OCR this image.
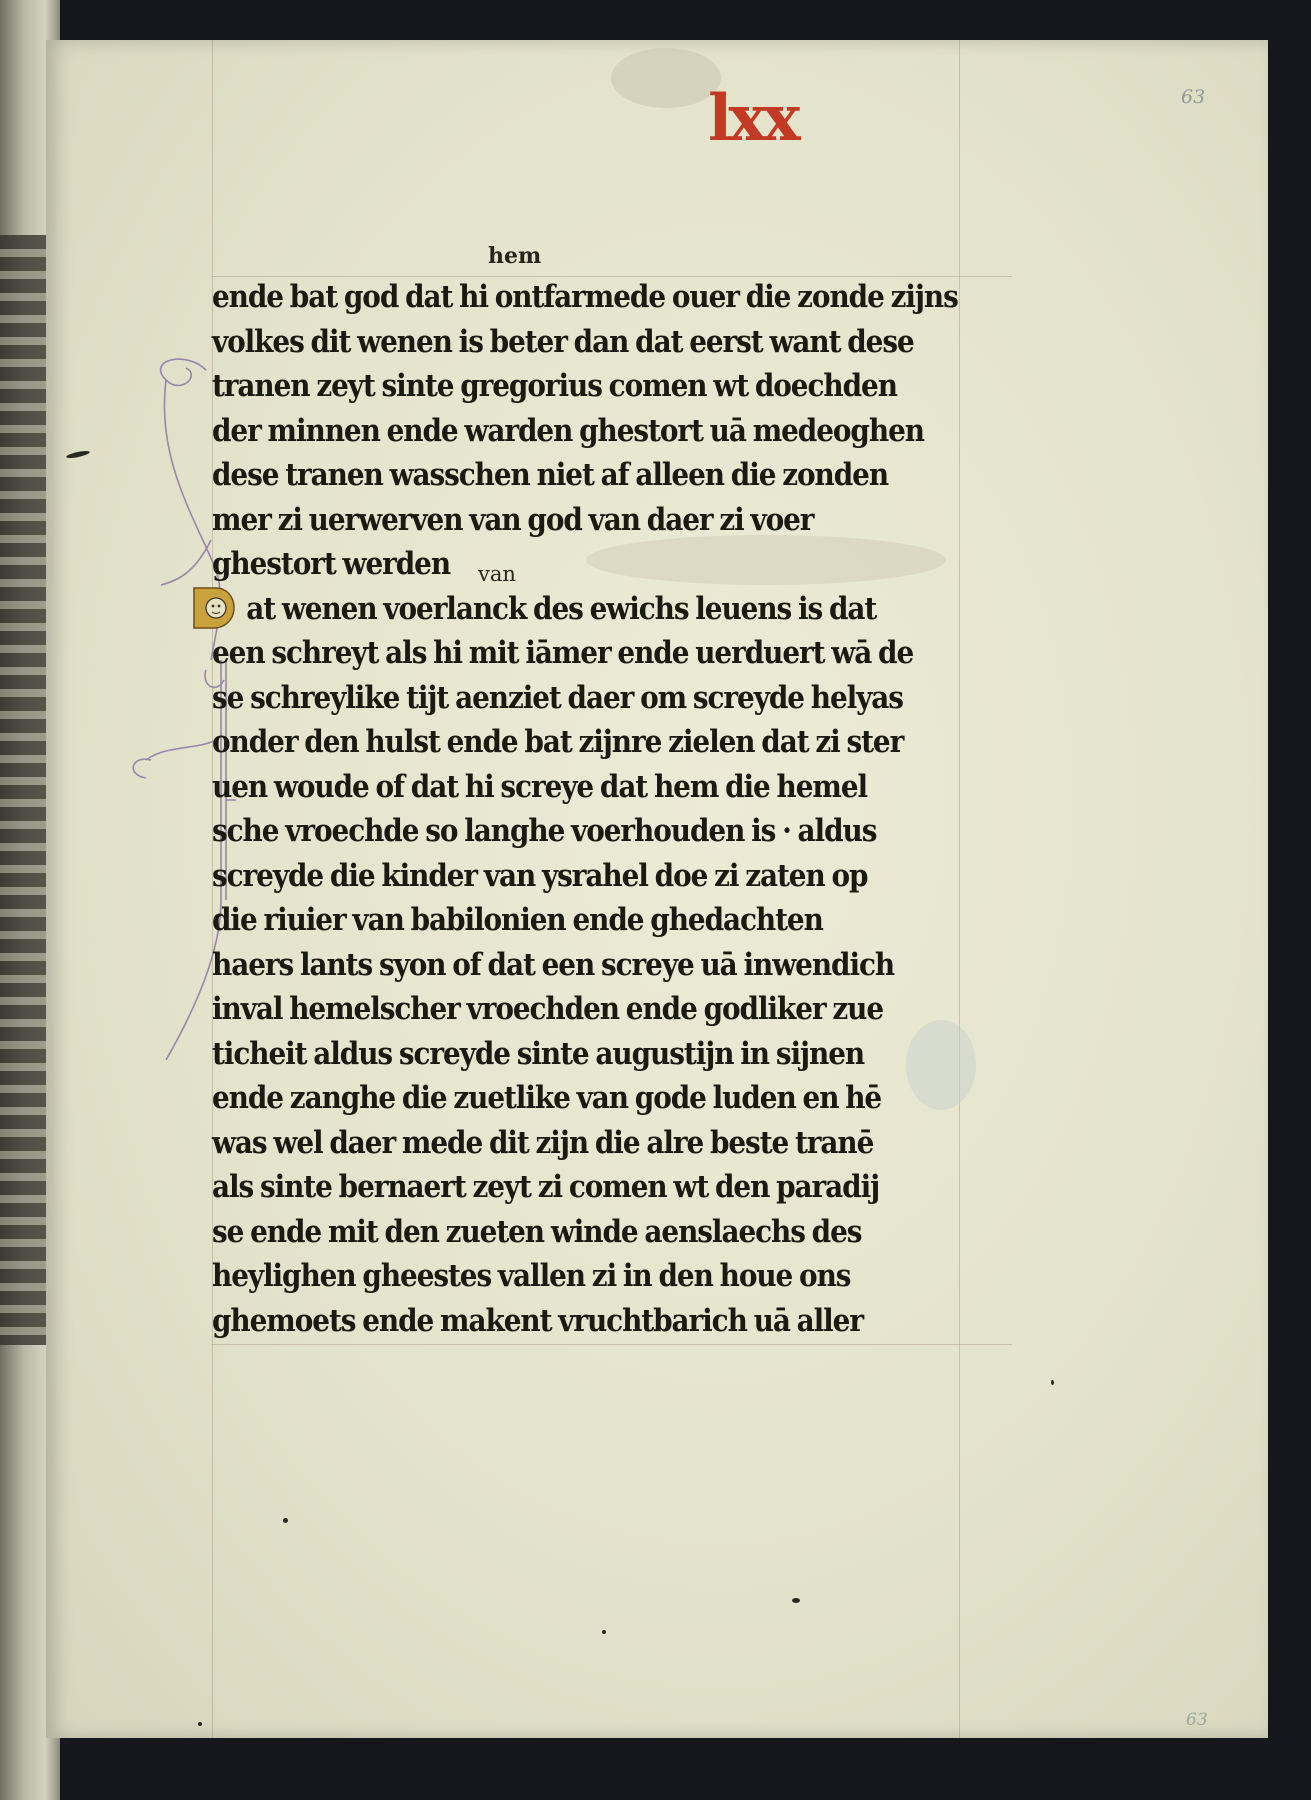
63
63
lxx
hem
van
ende bat god dat hi ontfarmede ouer die zonde zijns
volkes dit wenen is beter dan dat eerst want dese
tranen zeyt sinte gregorius comen wt doechden
der minnen ende warden ghestort uā medeoghen
dese tranen wasschen niet af alleen die zonden
mer zi uerwerven van god van daer zi voer
ghestort werden
at wenen voerlanck des ewichs leuens is dat
een schreyt als hi mit iāmer ende uerduert wā de
se schreylike tijt aenziet daer om screyde helyas
onder den hulst ende bat zijnre zielen dat zi ster
uen woude of dat hi screye dat hem die hemel
sche vroechde so langhe voerhouden is · aldus
screyde die kinder van ysrahel doe zi zaten op
die riuier van babilonien ende ghedachten
haers lants syon of dat een screye uā inwendich
inval hemelscher vroechden ende godliker zue
ticheit aldus screyde sinte augustijn in sijnen
ende zanghe die zuetlike van gode luden en hē
was wel daer mede dit zijn die alre beste tranē
als sinte bernaert zeyt zi comen wt den paradij
se ende mit den zueten winde aenslaechs des
heylighen gheestes vallen zi in den houe ons
ghemoets ende makent vruchtbarich uā aller
